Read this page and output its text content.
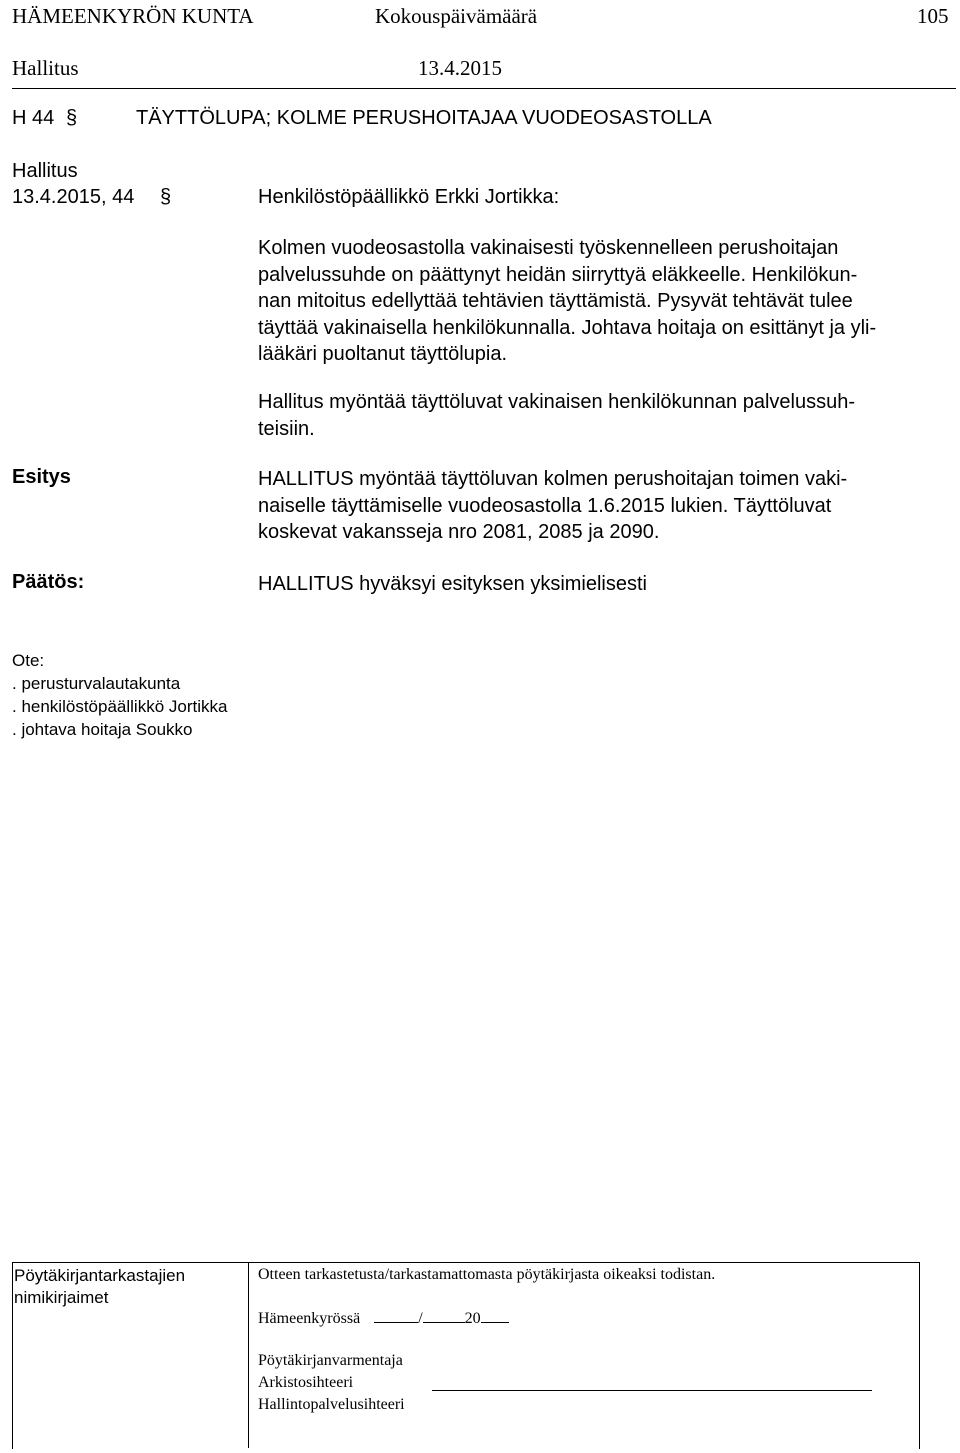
HÄMEENKYRÖN KUNTA	Kokouspäivämäärä	105
Hallitus	13.4.2015
H 44 §	TÄYTTÖLUPA; KOLME PERUSHOITAJAA VUODEOSASTOLLA
Hallitus
13.4.2015, 44 §	Henkilöstöpäällikkö Erkki Jortikka:
Kolmen vuodeosastolla vakinaisesti työskennelleen perushoitajan
palvelussuhde on päättynyt heidän siirryttyä eläkkeelle. Henkilökun-
nan mitoitus edellyttää tehtävien täyttämistä. Pysyvät tehtävät tulee
täyttää vakinaisella henkilökunnalla. Johtava hoitaja on esittänyt ja yli-
lääkäri puoltanut täyttölupia.
Hallitus myöntää täyttöluvat vakinaisen henkilökunnan palvelussuh-
teisiin.
Esitys	HALLITUS myöntää täyttöluvan kolmen perushoitajan toimen vaki-
naiselle täyttämiselle vuodeosastolla 1.6.2015 lukien. Täyttöluvat
koskevat vakansseja nro 2081, 2085 ja 2090.
Päätös:	HALLITUS hyväksyi esityksen yksimielisesti
Ote:
. perusturvalautakunta
. henkilöstöpäällikkö Jortikka
. johtava hoitaja Soukko
Pöytäkirjantarkastajien
nimikirjaimet
Otteen tarkastetusta/tarkastamattomasta pöytäkirjasta oikeaksi todistan.
Hämeenkyrössä	/	20
Pöytäkirjanvarmentaja
Arkistosihteeri
Hallintopalvelusihteeri
